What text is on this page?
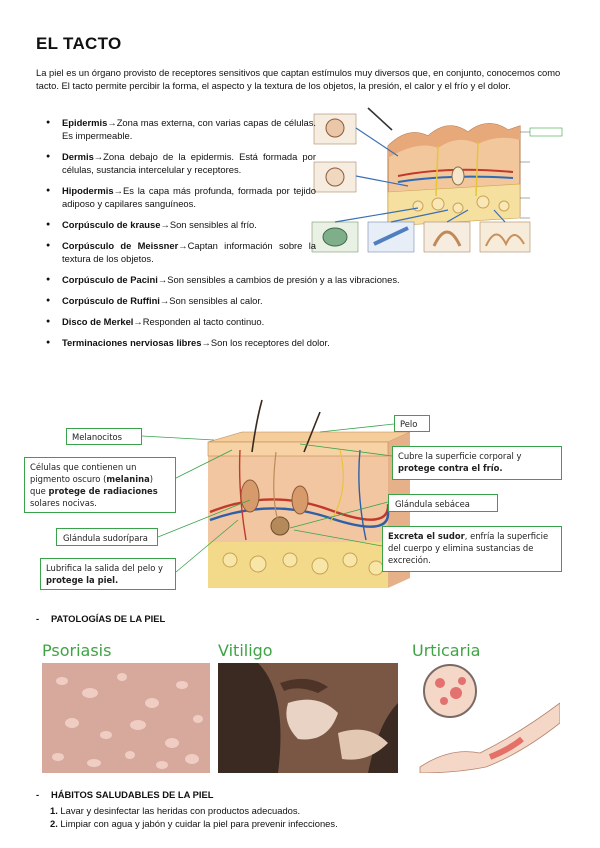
EL TACTO
La piel es un órgano provisto de receptores sensitivos que captan estímulos muy diversos que, en conjunto, conocemos como tacto. El tacto permite percibir la forma, el aspecto y la textura de los objetos, la presión, el calor y el frío y el dolor.
● Epidermis→Zona mas externa, con varias capas de células. Es impermeable.
● Dermis→Zona debajo de la epidermis. Está formada por células, sustancia intercelular y receptores.
● Hipodermis→Es la capa más profunda, formada por tejido adiposo y capilares sanguíneos.
● Corpúsculo de krause→Son sensibles al frío.
● Corpúsculo de Meissner→Captan información sobre la textura de los objetos.
● Corpúsculo de Pacini→Son sensibles a cambios de presión y a las vibraciones.
● Corpúsculo de Ruffini→Son sensibles al calor.
● Disco de Merkel→Responden al tacto continuo.
● Terminaciones nerviosas libres→Son los receptores del dolor.
Melanocitos
Pelo
Células que contienen un pigmento oscuro (melanina) que protege de radiaciones solares nocivas.
Cubre la superficie corporal y protege contra el frío.
Glándula sebácea
Glándula sudorípara	Excreta el sudor, enfría la superficie del cuerpo y elimina sustancias de excreción.
Lubrifica la salida del pelo y protege la piel.
- PATOLOGÍAS DE LA PIEL
Psoriasis	Vitiligo	Urticaria
- HÁBITOS SALUDABLES DE LA PIEL
1. Lavar y desinfectar las heridas con productos adecuados.
2. Limpiar con agua y jabón y cuidar la piel para prevenir infecciones.
